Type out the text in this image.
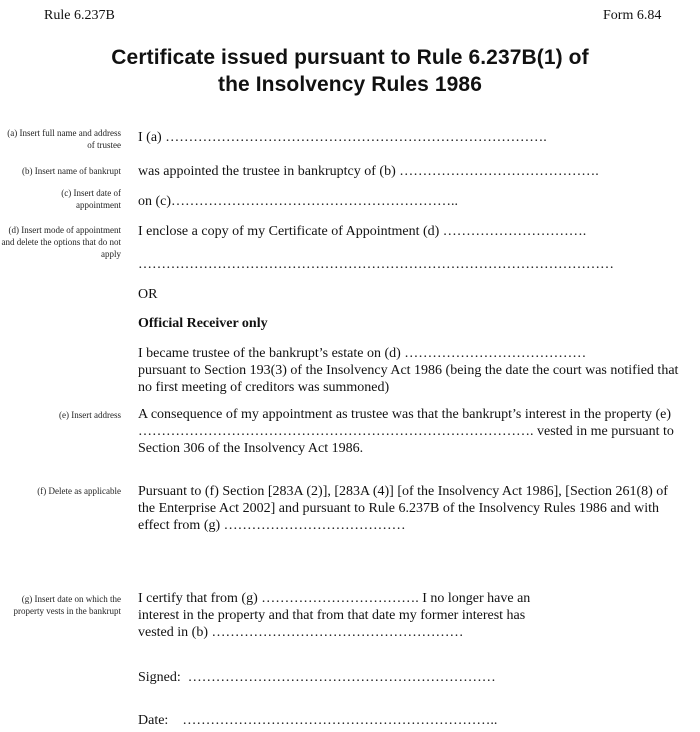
Rule 6.237B	Form 6.84
Certificate issued pursuant to Rule 6.237B(1) of
the Insolvency Rules 1986
(a) Insert full name and address of trustee
(b) Insert name of bankrupt
(c) Insert date of appointment
(d) Insert mode of appointment and delete the options that do not apply
(e) Insert address
(f) Delete as applicable
(g) Insert date on which the property vests in the bankrupt
I (a) ……………………………………………………………………….
was appointed the trustee in bankruptcy of (b) …………………………………….
on (c)……………………………………………………..
I enclose a copy of my Certificate of Appointment (d) ………………………….
…………………………………………………………………………………………
OR
Official Receiver only
I became trustee of the bankrupt’s estate on (d) …………………………………
pursuant to Section 193(3) of the Insolvency Act 1986 (being the date the court was notified that no first meeting of creditors was summoned)
A consequence of my appointment as trustee was that the bankrupt’s interest in the property (e) …………………………………………………………………………. vested in me pursuant to Section 306 of the Insolvency Act 1986.
Pursuant to (f) Section [283A (2)], [283A (4)] [of the Insolvency Act 1986], [Section 261(8) of the Enterprise Act 2002] and pursuant to Rule 6.237B of the Insolvency Rules 1986 and with effect from (g) …………………………………
I certify that from (g) ……………………………. I no longer have an interest in the property and that from that date my former interest has vested in (b) ………………………………………………
Signed:  …………………………………………………………
Date:    …………………………………………………………..
